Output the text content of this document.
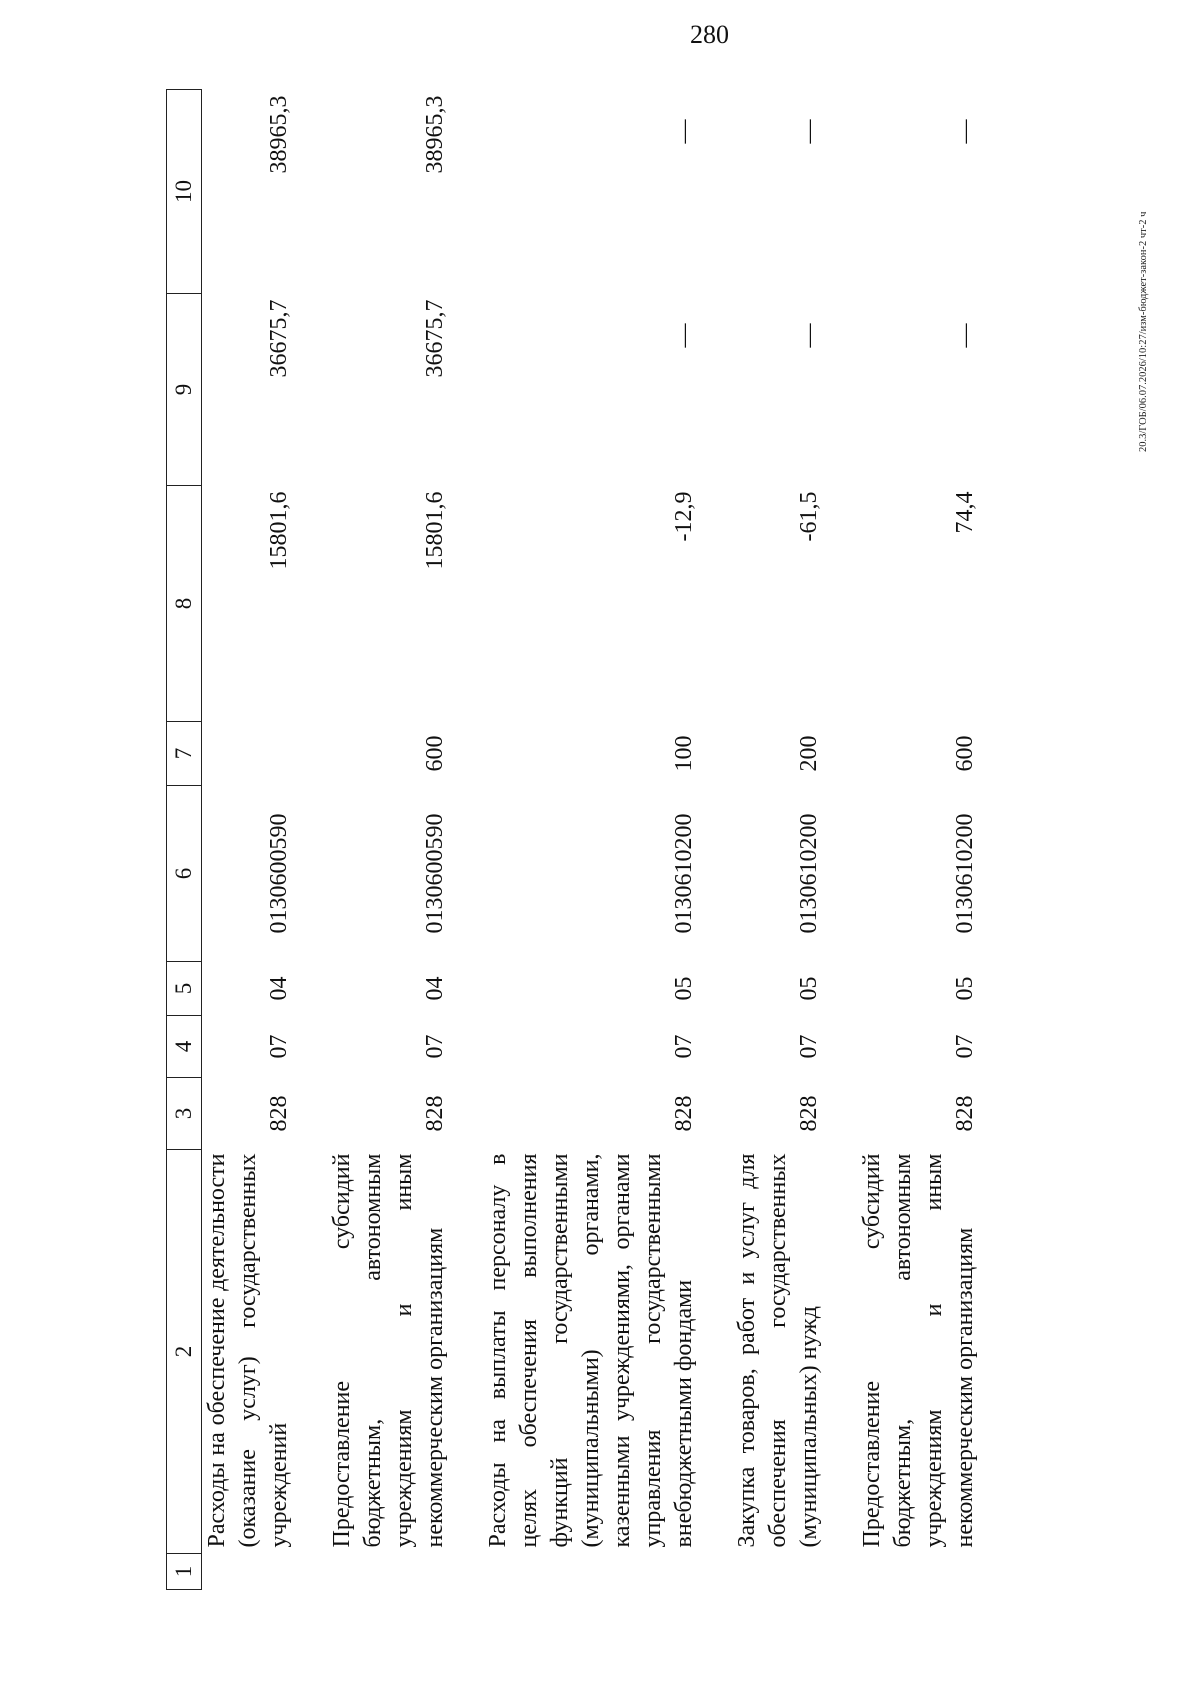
280
20.3/ГОБ/06.07.2026/10:27/изм-бюджет-закон-2 чт-2 ч
1	2	3	4	5	6	7	8	9	10
	Расходы на обеспечение деятельности (оказание услуг) государственных учреждений	828	07	04	0130600590		15801,6	36675,7	38965,3

	Предоставление субсидий бюджетным, автономным учреждениям и иным некоммерческим организациям	828	07	04	0130600590	600	15801,6	36675,7	38965,3

	Расходы на выплаты персоналу в целях обеспечения выполнения функций государственными (муниципальными) органами, казенными учреждениями, органами управления государственными внебюджетными фондами	828	07	05	0130610200	100	-12,9	—	—

	Закупка товаров, работ и услуг для обеспечения государственных (муниципальных) нужд	828	07	05	0130610200	200	-61,5	—	—

	Предоставление субсидий бюджетным, автономным учреждениям и иным некоммерческим организациям	828	07	05	0130610200	600	74,4	—	—
